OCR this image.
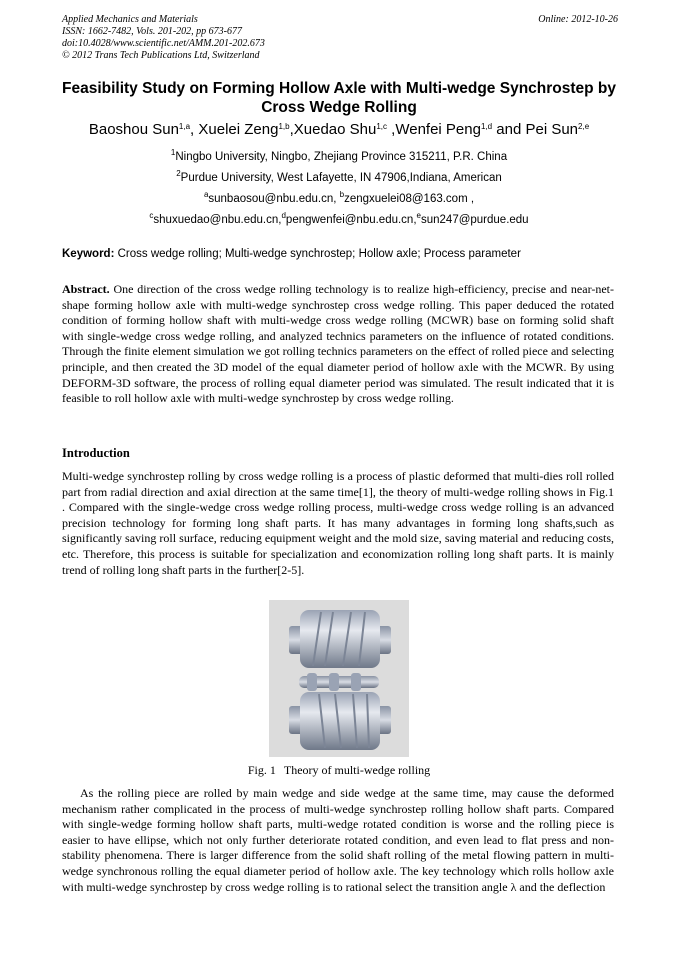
Applied Mechanics and Materials
ISSN: 1662-7482, Vols. 201-202, pp 673-677
doi:10.4028/www.scientific.net/AMM.201-202.673
© 2012 Trans Tech Publications Ltd, Switzerland
Online: 2012-10-26
Feasibility Study on Forming Hollow Axle with Multi-wedge Synchrostep by Cross Wedge Rolling
Baoshou Sun$^{1,a}$, Xuelei Zeng$^{1,b}$,Xuedao Shu$^{1,c}$ ,Wenfei Peng$^{1,d}$ and Pei Sun$^{2,e}$
$^1$Ningbo University, Ningbo, Zhejiang Province 315211, P.R. China
$^2$Purdue University, West Lafayette, IN 47906,Indiana, American
$^a$sunbaosou@nbu.edu.cn, $^b$zengxuelei08@163.com ,
$^c$shuxuedao@nbu.edu.cn,$^d$pengwenfei@nbu.edu.cn,$^e$sun247@purdue.edu
Keyword: Cross wedge rolling; Multi-wedge synchrostep; Hollow axle; Process parameter
Abstract. One direction of the cross wedge rolling technology is to realize high-efficiency, precise and near-net-shape forming hollow axle with multi-wedge synchrostep cross wedge rolling. This paper deduced the rotated condition of forming hollow shaft with multi-wedge cross wedge rolling (MCWR) base on forming solid shaft with single-wedge cross wedge rolling, and analyzed technics parameters on the influence of rotated conditions. Through the finite element simulation we got rolling technics parameters on the effect of rolled piece and selecting principle, and then created the 3D model of the equal diameter period of hollow axle with the MCWR. By using DEFORM-3D software, the process of rolling equal diameter period was simulated. The result indicated that it is feasible to roll hollow axle with multi-wedge synchrostep by cross wedge rolling.
Introduction
Multi-wedge synchrostep rolling by cross wedge rolling is a process of plastic deformed that multi-dies roll rolled part from radial direction and axial direction at the same time[1], the theory of multi-wedge rolling shows in Fig.1 . Compared with the single-wedge cross wedge rolling process, multi-wedge cross wedge rolling is an advanced precision technology for forming long shaft parts. It has many advantages in forming long shafts,such as significantly saving roll surface, reducing equipment weight and the mold size, saving material and reducing costs, etc. Therefore, this process is suitable for specialization and economization rolling long shaft parts. It is mainly trend of rolling long shaft parts in the further[2-5].
Fig. 1 Theory of multi-wedge rolling
As the rolling piece are rolled by main wedge and side wedge at the same time, may cause the deformed mechanism rather complicated in the process of multi-wedge synchrostep rolling hollow shaft parts. Compared with single-wedge forming hollow shaft parts, multi-wedge rotated condition is worse and the rolling piece is easier to have ellipse, which not only further deteriorate rotated condition, and even lead to flat press and non-stability phenomena. There is larger difference from the solid shaft rolling of the metal flowing pattern in multi-wedge synchronous rolling the equal diameter period of hollow axle. The key technology which rolls hollow axle with multi-wedge synchrostep by cross wedge rolling is to rational select the transition angle λ and the deflection
